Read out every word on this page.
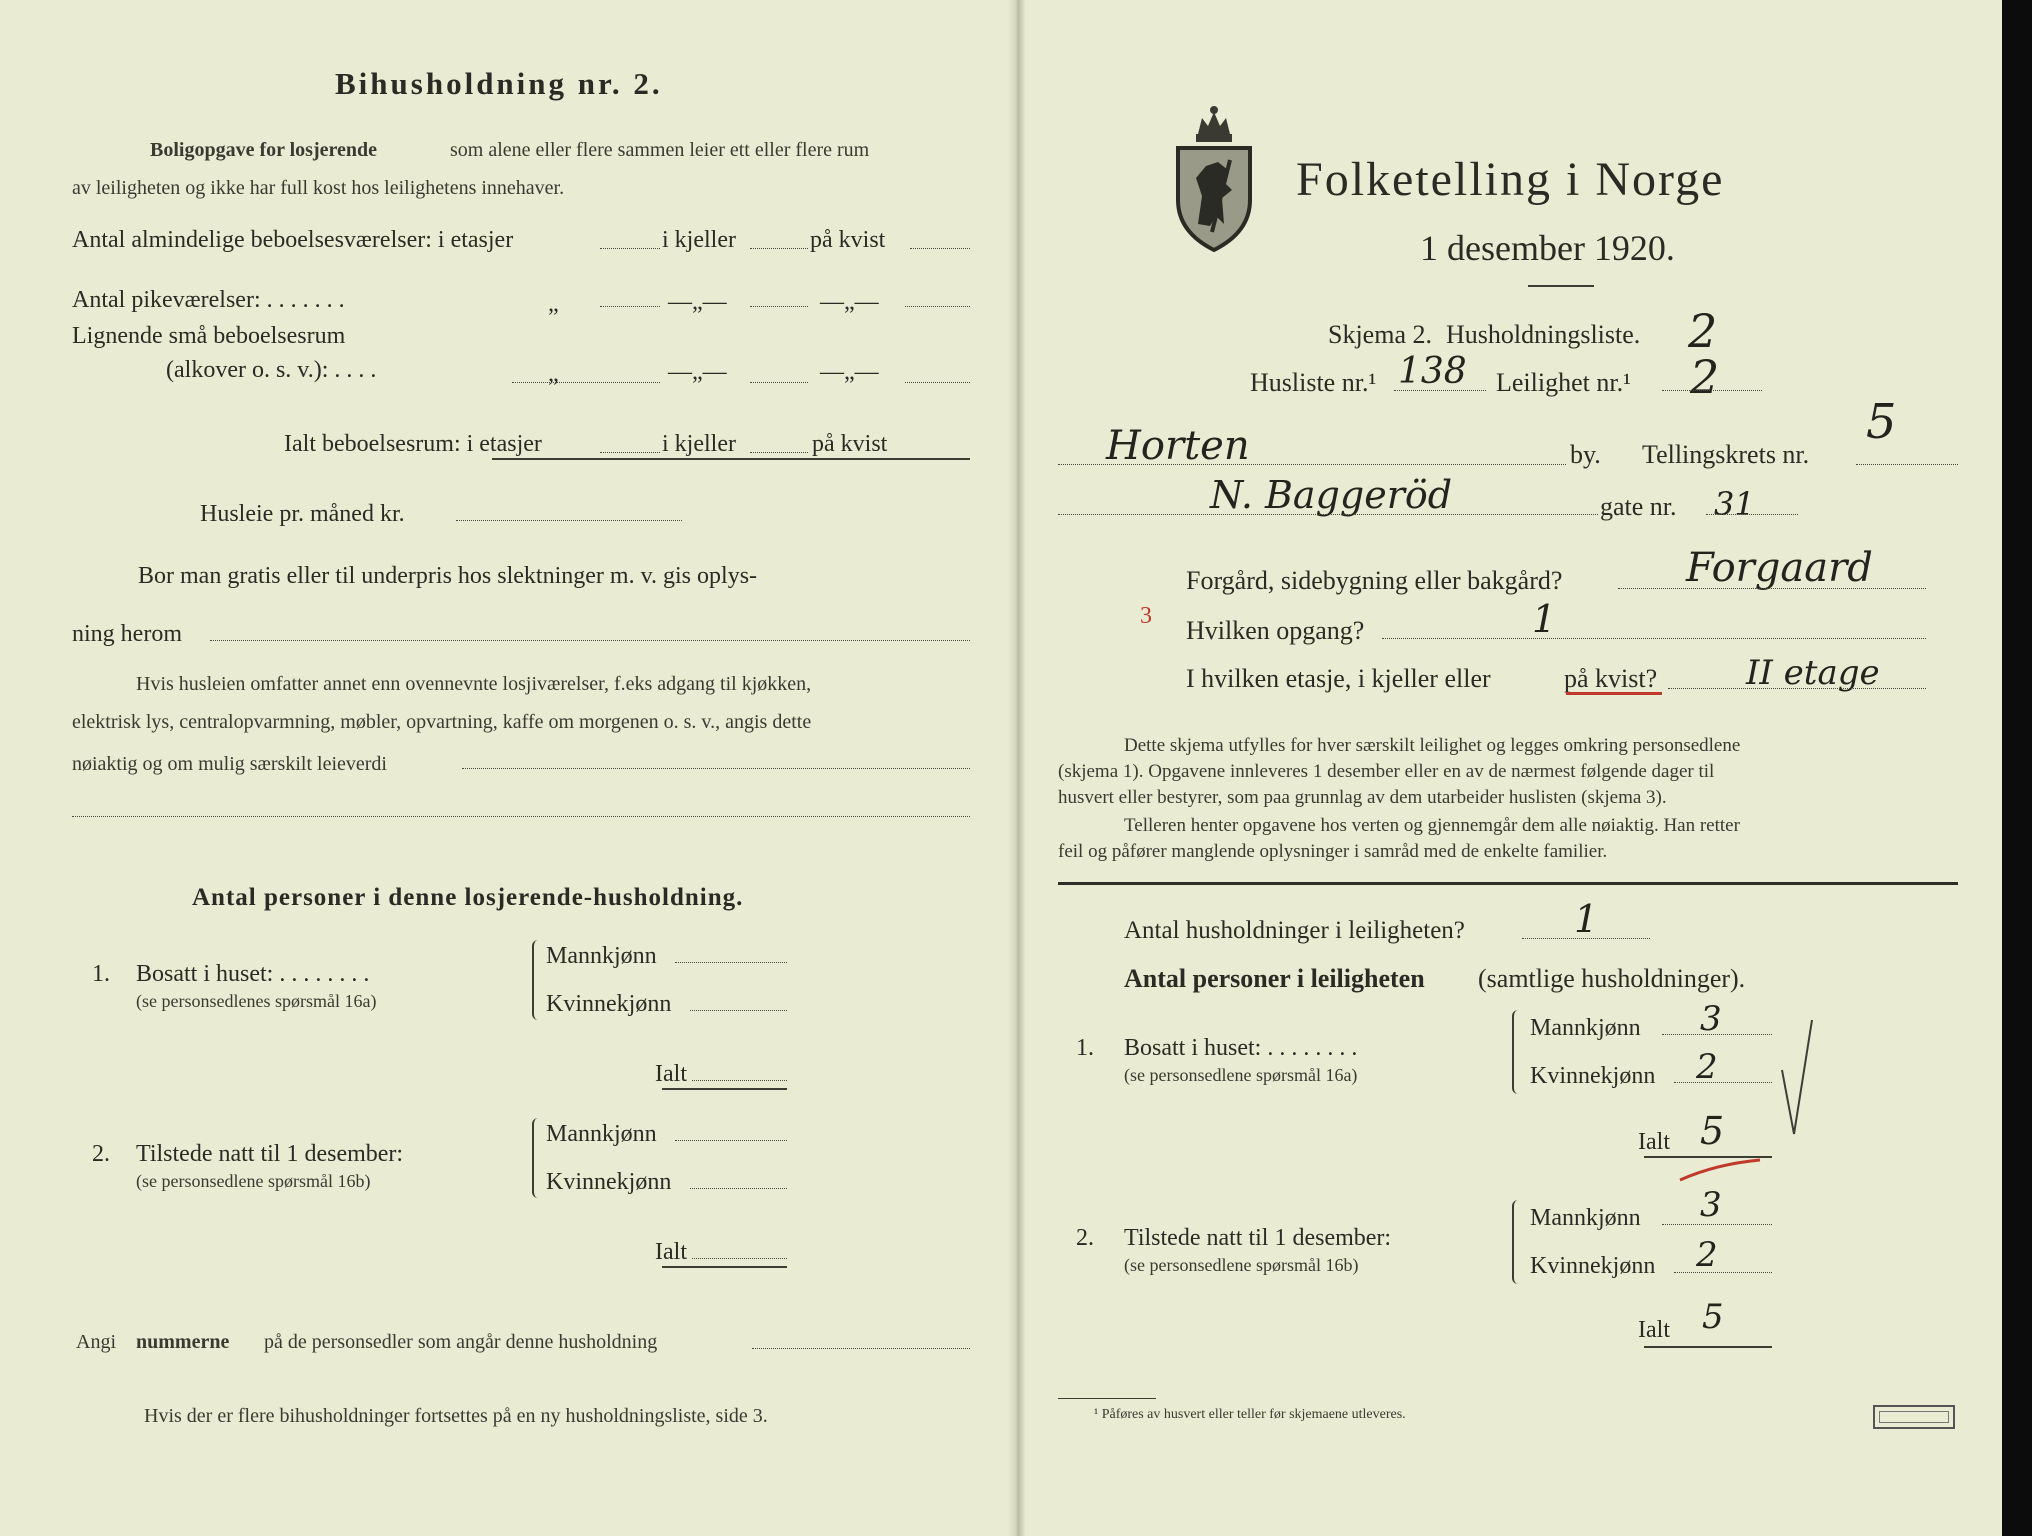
Bihusholdning nr. 2.
Boligopgave for losjerende	som alene eller flere sammen leier ett eller flere rum
av leiligheten og ikke har full kost hos leilighetens innehaver.
Antal almindelige beboelsesværelser: i etasjer	i kjeller	på kvist
Antal pikeværelser: . . . . . . .	„	—„—	—„—
Lignende små beboelsesrum
(alkover o. s. v.): . . . .	„	—„—	—„—
Ialt beboelsesrum: i etasjer	i kjeller	på kvist
Husleie pr. måned kr.
Bor man gratis eller til underpris hos slektninger m. v. gis oplys-
ning herom
Hvis husleien omfatter annet enn ovennevnte losjiværelser, f.eks adgang til kjøkken,
elektrisk lys, centralopvarmning, møbler, opvartning, kaffe om morgenen o. s. v., angis dette
nøiaktig og om mulig særskilt leieverdi
Antal personer i denne losjerende-husholdning.
1. Bosatt i huset: . . . . . . . .
(se personsedlenes spørsmål 16a)
Mannkjønn
Kvinnekjønn
Ialt
2. Tilstede natt til 1 desember:
(se personsedlene spørsmål 16b)
Mannkjønn
Kvinnekjønn
Ialt
Angi nummerne på de personsedler som angår denne husholdning
Hvis der er flere bihusholdninger fortsettes på en ny husholdningsliste, side 3.
Folketelling i Norge
1 desember 1920.
Skjema 2. Husholdningsliste. 2
Husliste nr.¹ 138 Leilighet nr.¹ 2
Horten	by. Tellingskrets nr.
5
N. Baggeröd	gate nr. 31
Forgård, sidebygning eller bakgård?	Forgaard
3 Hvilken opgang?	1
I hvilken etasje, i kjeller eller	på kvist?	II etage
Dette skjema utfylles for hver særskilt leilighet og legges omkring personsedlene
(skjema 1). Opgavene innleveres 1 desember eller en av de nærmest følgende dager til
husvert eller bestyrer, som paa grunnlag av dem utarbeider huslisten (skjema 3).
Telleren henter opgavene hos verten og gjennemgår dem alle nøiaktig. Han retter
feil og påfører manglende oplysninger i samråd med de enkelte familier.
Antal husholdninger i leiligheten?	1
Antal personer i leiligheten (samtlige husholdninger).
1. Bosatt i huset: . . . . . . . .
(se personsedlene spørsmål 16a)
Mannkjønn 3
Kvinnekjønn 2
Ialt 5
2. Tilstede natt til 1 desember:
(se personsedlene spørsmål 16b)
Mannkjønn 3
Kvinnekjønn 2
Ialt 5
¹ Påføres av husvert eller teller før skjemaene utleveres.
